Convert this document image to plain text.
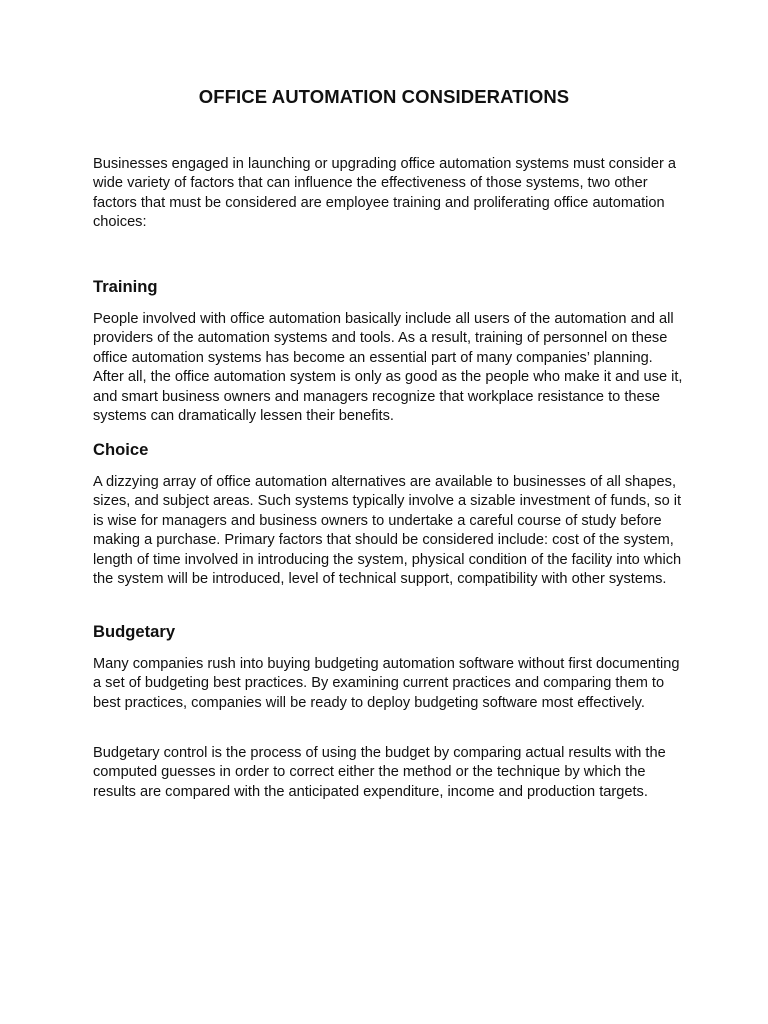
OFFICE AUTOMATION CONSIDERATIONS

Businesses engaged in launching or upgrading office automation systems must consider a wide variety of factors that can influence the effectiveness of those systems, two other factors that must be considered are employee training and proliferating office automation choices:

Training

People involved with office automation basically include all users of the automation and all providers of the automation systems and tools. As a result, training of personnel on these office automation systems has become an essential part of many companies’ planning. After all, the office automation system is only as good as the people who make it and use it, and smart business owners and managers recognize that workplace resistance to these systems can dramatically lessen their benefits.

Choice

A dizzying array of office automation alternatives are available to businesses of all shapes, sizes, and subject areas. Such systems typically involve a sizable investment of funds, so it is wise for managers and business owners to undertake a careful course of study before making a purchase. Primary factors that should be considered include: cost of the system, length of time involved in introducing the system, physical condition of the facility into which the system will be introduced, level of technical support, compatibility with other systems.

Budgetary

Many companies rush into buying budgeting automation software without first documenting a set of budgeting best practices. By examining current practices and comparing them to best practices, companies will be ready to deploy budgeting software most effectively.

Budgetary control is the process of using the budget by comparing actual results with the computed guesses in order to correct either the method or the technique by which the results are compared with the anticipated expenditure, income and production targets.
